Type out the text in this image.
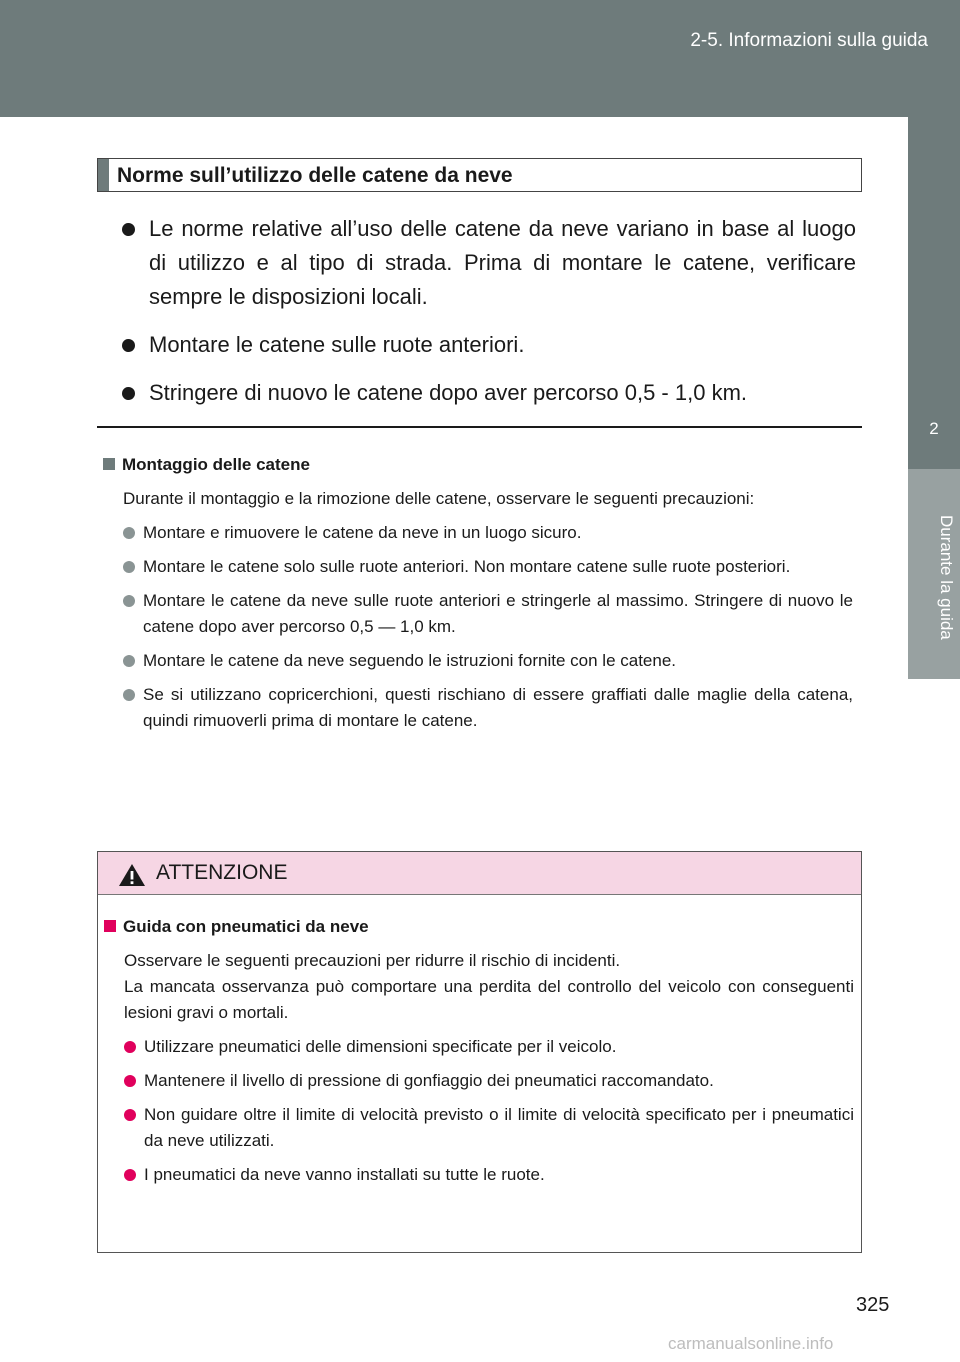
2-5. Informazioni sulla guida
2
Durante la guida
Norme sull’utilizzo delle catene da neve
Le norme relative all’uso delle catene da neve variano in base al luogo di utilizzo e al tipo di strada. Prima di montare le catene, verificare sempre le disposizioni locali.
Montare le catene sulle ruote anteriori.
Stringere di nuovo le catene dopo aver percorso 0,5 - 1,0 km.
Montaggio delle catene
Durante il montaggio e la rimozione delle catene, osservare le seguenti precauzioni:
Montare e rimuovere le catene da neve in un luogo sicuro.
Montare le catene solo sulle ruote anteriori. Non montare catene sulle ruote posteriori.
Montare le catene da neve sulle ruote anteriori e stringerle al massimo. Stringere di nuovo le catene dopo aver percorso 0,5 — 1,0 km.
Montare le catene da neve seguendo le istruzioni fornite con le catene.
Se si utilizzano copricerchioni, questi rischiano di essere graffiati dalle maglie della catena, quindi rimuoverli prima di montare le catene.
ATTENZIONE
Guida con pneumatici da neve
Osservare le seguenti precauzioni per ridurre il rischio di incidenti.
La mancata osservanza può comportare una perdita del controllo del veicolo con conseguenti lesioni gravi o mortali.
Utilizzare pneumatici delle dimensioni specificate per il veicolo.
Mantenere il livello di pressione di gonfiaggio dei pneumatici raccomandato.
Non guidare oltre il limite di velocità previsto o il limite di velocità specificato per i pneumatici da neve utilizzati.
I pneumatici da neve vanno installati su tutte le ruote.
325
carmanualsonline.info
